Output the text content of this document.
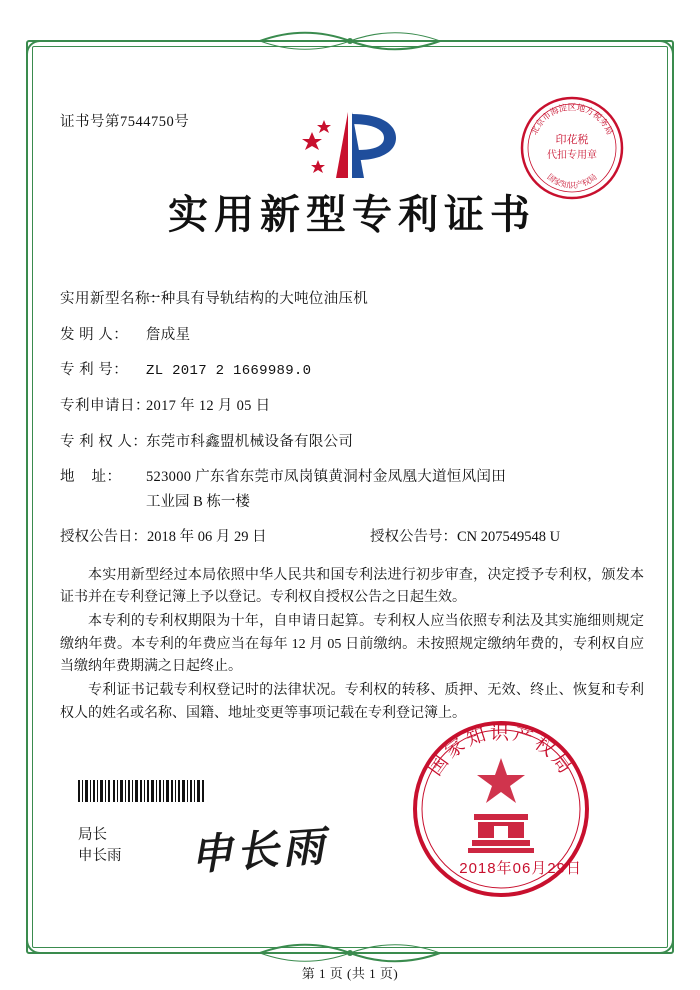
证书号第7544750号
实用新型专利证书
实用新型名称：
一种具有导轨结构的大吨位油压机
发 明 人：	詹成星
专 利 号：	ZL 2017 2 1669989.0
专利申请日：
2017 年 12 月 05 日
专 利 权 人：
东莞市科鑫盟机械设备有限公司
地    址：	523000 广东省东莞市凤岗镇黄洞村金凤凰大道恒风闰田
工业园 B 栋一楼
授权公告日：2018 年 06 月 29 日	授权公告号：CN 207549548 U

本实用新型经过本局依照中华人民共和国专利法进行初步审查，决定授予专利权，颁发本证书并在专利登记簿上予以登记。专利权自授权公告之日起生效。

本专利的专利权期限为十年，自申请日起算。专利权人应当依照专利法及其实施细则规定缴纳年费。本专利的年费应当在每年 12 月 05 日前缴纳。未按照规定缴纳年费的，专利权自应当缴纳年费期满之日起终止。

专利证书记载专利权登记时的法律状况。专利权的转移、质押、无效、终止、恢复和专利权人的姓名或名称、国籍、地址变更等事项记载在专利登记簿上。

局长
申长雨 申长雨
印花税
代扣专用章
北京市海淀区地方税务局
国家知识产权局
国家知识产权局
2018年06月29日
第 1 页 (共 1 页)
